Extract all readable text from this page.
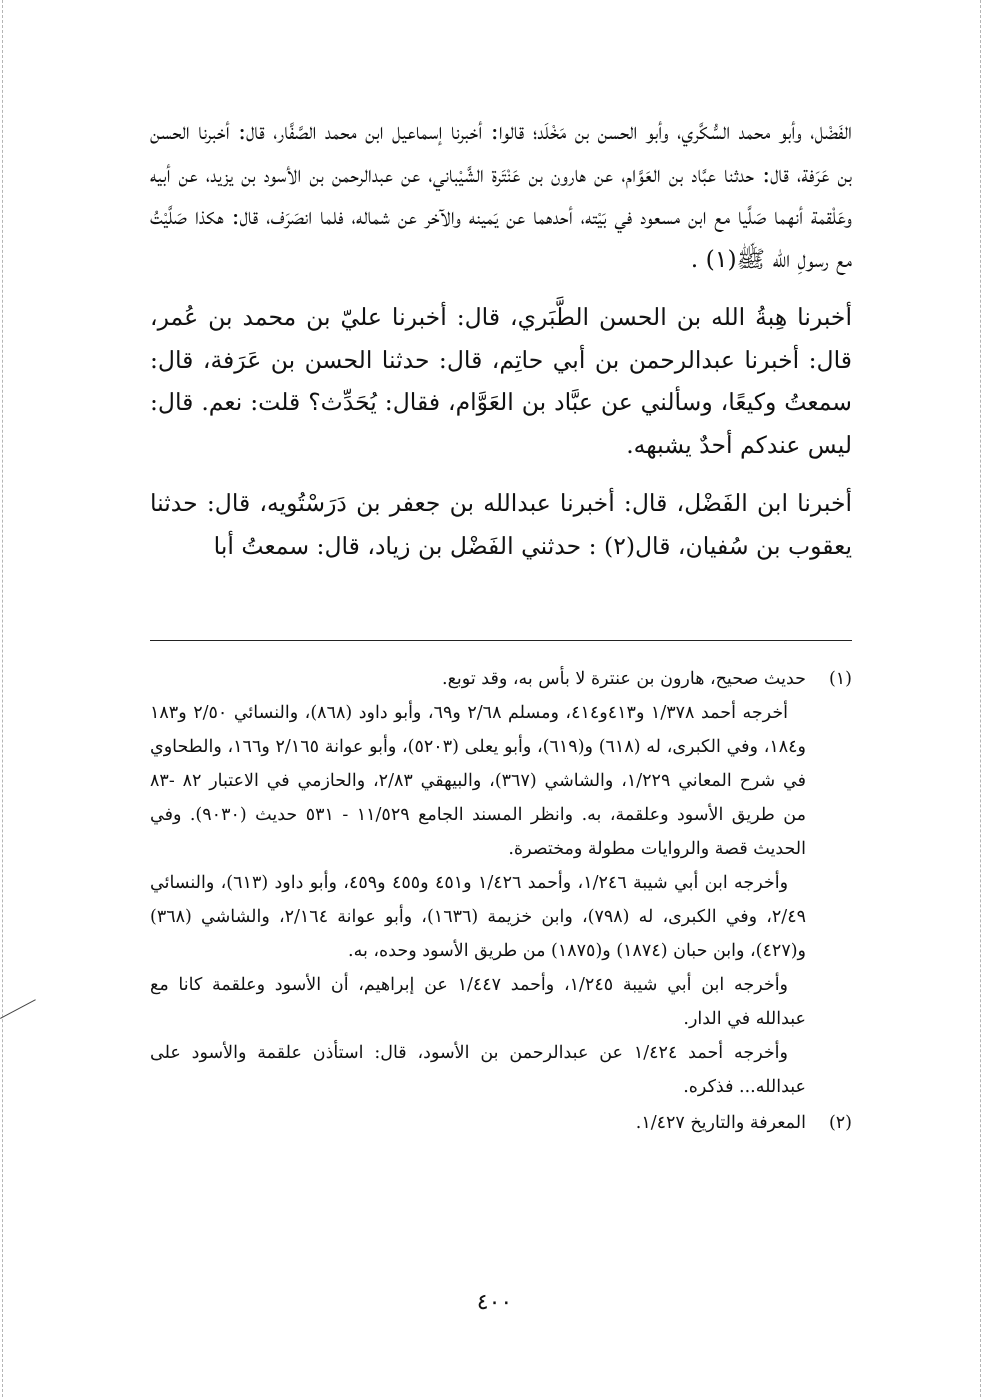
الفَضْل، وأبو محمد السُّكَّري، وأبو الحسن بن مَخْلَد؛ قالوا: أخبرنا إسماعيل ابن محمد الصَّفَّار، قال: أخبرنا الحسن بن عَرَفة، قال: حدثنا عبَّاد بن العَوَّام، عن هارون بن عَنْتَرة الشَّيْباني، عن عبدالرحمن بن الأسود بن يزيد، عن أبيه وعَلْقمة أنهما صَلَّيا مع ابن مسعود في بَيْته، أحدهما عن يَمينه والآخر عن شماله، فلما انصَرَف، قال: هكذا صَلَّيْتُ مع رسولِ الله ﷺ(١) .

أخبرنا هِبةُ الله بن الحسن الطَّبَري، قال: أخبرنا عليّ بن محمد بن عُمر، قال: أخبرنا عبدالرحمن بن أبي حاتِم، قال: حدثنا الحسن بن عَرَفة، قال: سمعتُ وكيعًا، وسألني عن عبَّاد بن العَوَّام، فقال: يُحَدِّث؟ قلت: نعم. قال: ليس عندكم أحدٌ يشبهه.

أخبرنا ابن الفَضْل، قال: أخبرنا عبدالله بن جعفر بن دَرَسْتُويه، قال: حدثنا يعقوب بن سُفيان، قال(٢) : حدثني الفَضْل بن زياد، قال: سمعتُ أبا

(١)

حديث صحيح، هارون بن عنترة لا بأس به، وقد توبع.

أخرجه أحمد ١/٣٧٨ و٤١٣و٤١٤، ومسلم ٢/٦٨ و٦٩، وأبو داود (٨٦٨)، والنسائي ٢/٥٠ و١٨٣ و١٨٤، وفي الكبرى، له (٦١٨) و(٦١٩)، وأبو يعلى (٥٢٠٣)، وأبو عوانة ٢/١٦٥ و١٦٦، والطحاوي في شرح المعاني ١/٢٢٩، والشاشي (٣٦٧)، والبيهقي ٢/٨٣، والحازمي في الاعتبار ٨٢ -٨٣ من طريق الأسود وعلقمة، به. وانظر المسند الجامع ١١/٥٢٩ - ٥٣١ حديث (٩٠٣٠). وفي الحديث قصة والروايات مطولة ومختصرة.

وأخرجه ابن أبي شيبة ١/٢٤٦، وأحمد ١/٤٢٦ و٤٥١ و٤٥٥ و٤٥٩، وأبو داود (٦١٣)، والنسائي ٢/٤٩، وفي الكبرى، له (٧٩٨)، وابن خزيمة (١٦٣٦)، وأبو عوانة ٢/١٦٤، والشاشي (٣٦٨) و(٤٢٧)، وابن حبان (١٨٧٤) و(١٨٧٥) من طريق الأسود وحده، به.

وأخرجه ابن أبي شيبة ١/٢٤٥، وأحمد ١/٤٤٧ عن إبراهيم، أن الأسود وعلقمة كانا مع عبدالله في الدار.

وأخرجه أحمد ١/٤٢٤ عن عبدالرحمن بن الأسود، قال: استأذن علقمة والأسود على عبدالله... فذكره.

(٢)

المعرفة والتاريخ ١/٤٢٧.

٤٠٠
